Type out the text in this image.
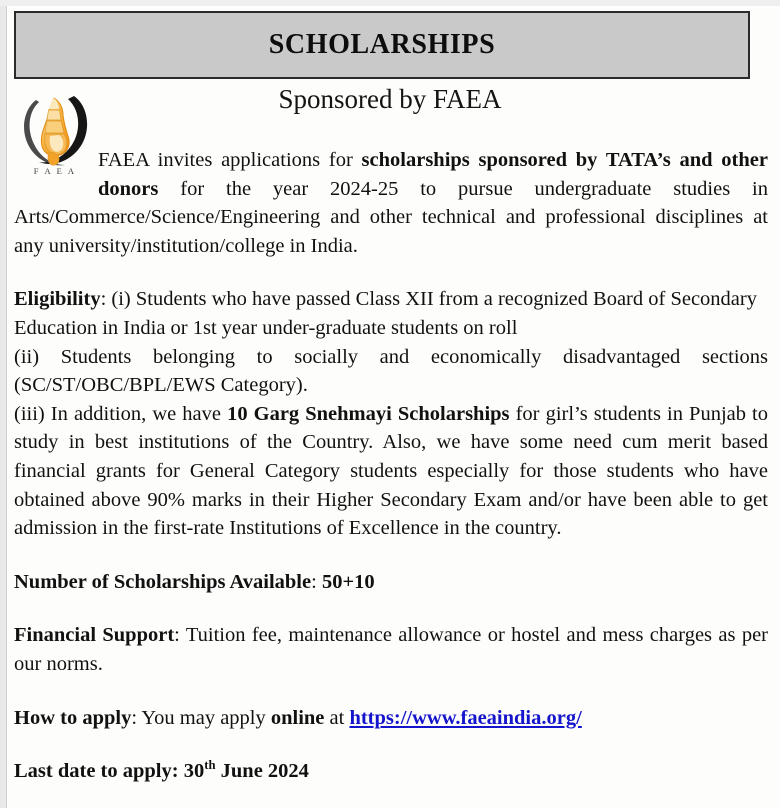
SCHOLARSHIPS
Sponsored by FAEA
F A E A	FAEA invites applications for scholarships sponsored by TATA’s and other donors for the year 2024-25 to pursue undergraduate studies in Arts/Commerce/Science/Engineering and other technical and professional disciplines at any university/institution/college in India.

Eligibility: (i) Students who have passed Class XII from a recognized Board of Secondary Education in India or 1st year under-graduate students on roll

(ii) Students belonging to socially and economically disadvantaged sections (SC/ST/OBC/BPL/EWS Category).

(iii) In addition, we have 10 Garg Snehmayi Scholarships for girl’s students in Punjab to study in best institutions of the Country. Also, we have some need cum merit based financial grants for General Category students especially for those students who have obtained above 90% marks in their Higher Secondary Exam and/or have been able to get admission in the first-rate Institutions of Excellence in the country.

Number of Scholarships Available: 50+10

Financial Support: Tuition fee, maintenance allowance or hostel and mess charges as per our norms.

How to apply: You may apply online at https://www.faeaindia.org/

Last date to apply: 30th June 2024
